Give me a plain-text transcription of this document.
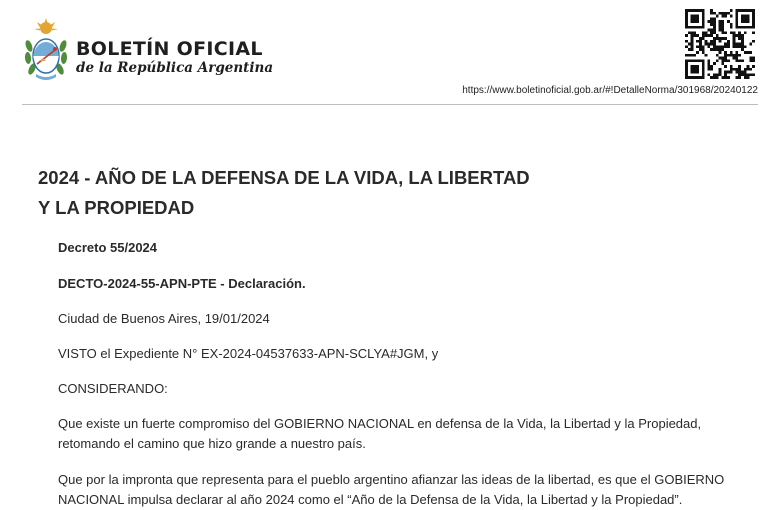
BOLETÍN OFICIAL
de la República Argentina
https://www.boletinoficial.gob.ar/#!DetalleNorma/301968/20240122
2024 - AÑO DE LA DEFENSA DE LA VIDA, LA LIBERTAD
Y LA PROPIEDAD
Decreto 55/2024
DECTO-2024-55-APN-PTE - Declaración.
Ciudad de Buenos Aires, 19/01/2024
VISTO el Expediente N° EX-2024-04537633-APN-SCLYA#JGM, y
CONSIDERANDO:
Que existe un fuerte compromiso del GOBIERNO NACIONAL en defensa de la Vida, la Libertad y la Propiedad,
retomando el camino que hizo grande a nuestro país.
Que por la impronta que representa para el pueblo argentino afianzar las ideas de la libertad, es que el GOBIERNO
NACIONAL impulsa declarar al año 2024 como el “Año de la Defensa de la Vida, la Libertad y la Propiedad”.
